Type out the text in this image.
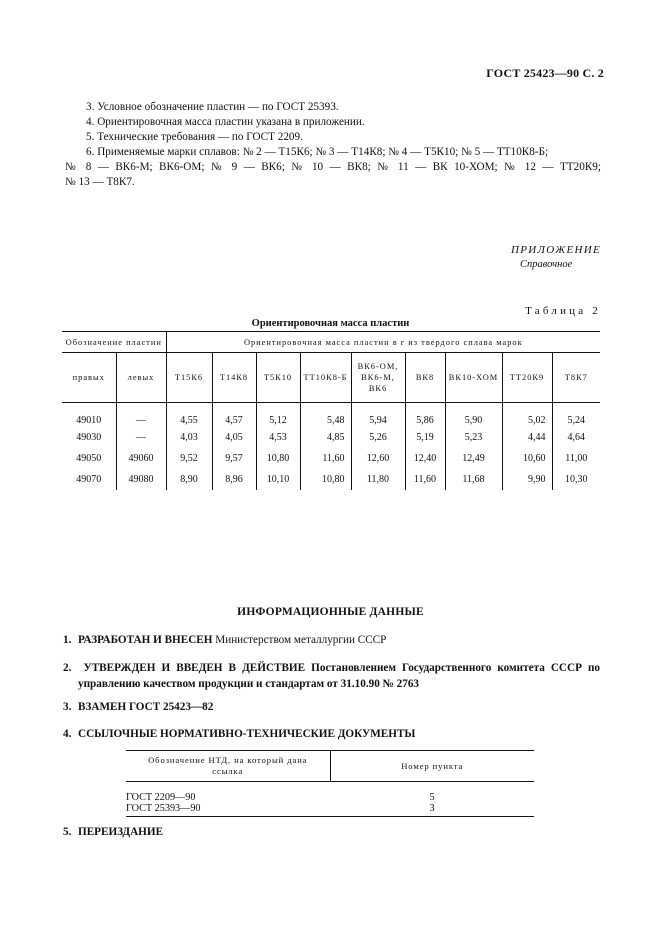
ГОСТ 25423—90 С. 2
3. Условное обозначение пластин — по ГОСТ 25393.
4. Ориентировочная масса пластин указана в приложении.
5. Технические требования — по ГОСТ 2209.
6. Применяемые марки сплавов: № 2 — Т15К6; № 3 — Т14К8; № 4 — Т5К10; № 5 — ТТ10К8-Б;
№ 8 — ВК6-М; ВК6-ОМ; № 9 — ВК6; № 10 — ВК8; № 11 — ВК 10-ХОМ; № 12 — ТТ20К9;
№ 13 — Т8К7.
ПРИЛОЖЕНИЕ
Справочное
Таблица 2
Ориентировочная масса пластин
Обозначение пластин		Ориентировочная масса пластин в г из твердого сплава марок								
правых	левых	Т15К6	Т14К8	Т5К10	ТТ10К8-Б	ВК6-ОМ, ВК6-М, ВК6	ВК8	ВК10-ХОМ	ТТ20К9	Т8К7
49010	—	4,55	4,57	5,12	5,48	5,94	5,86	5,90	5,02	5,24
49030	—	4,03	4,05	4,53	4,85	5,26	5,19	5,23	4,44	4,64
49050	49060	9,52	9,57	10,80	11,60	12,60	12,40	12,49	10,60	11,00
49070	49080	8,90	8,96	10,10	10,80	11,80	11,60	11,68	9,90	10,30
ИНФОРМАЦИОННЫЕ ДАННЫЕ
1. РАЗРАБОТАН И ВНЕСЕН Министерством металлургии СССР
2. УТВЕРЖДЕН И ВВЕДЕН В ДЕЙСТВИЕ Постановлением Государственного комитета СССР по
управлению качеством продукции и стандартам от 31.10.90 № 2763
3. ВЗАМЕН ГОСТ 25423—82
4. ССЫЛОЧНЫЕ НОРМАТИВНО-ТЕХНИЧЕСКИЕ ДОКУМЕНТЫ
Обозначение НТД, на который дана ссылка	Номер пункта
ГОСТ 2209—90	5
ГОСТ 25393—90	3
5. ПЕРЕИЗДАНИЕ
